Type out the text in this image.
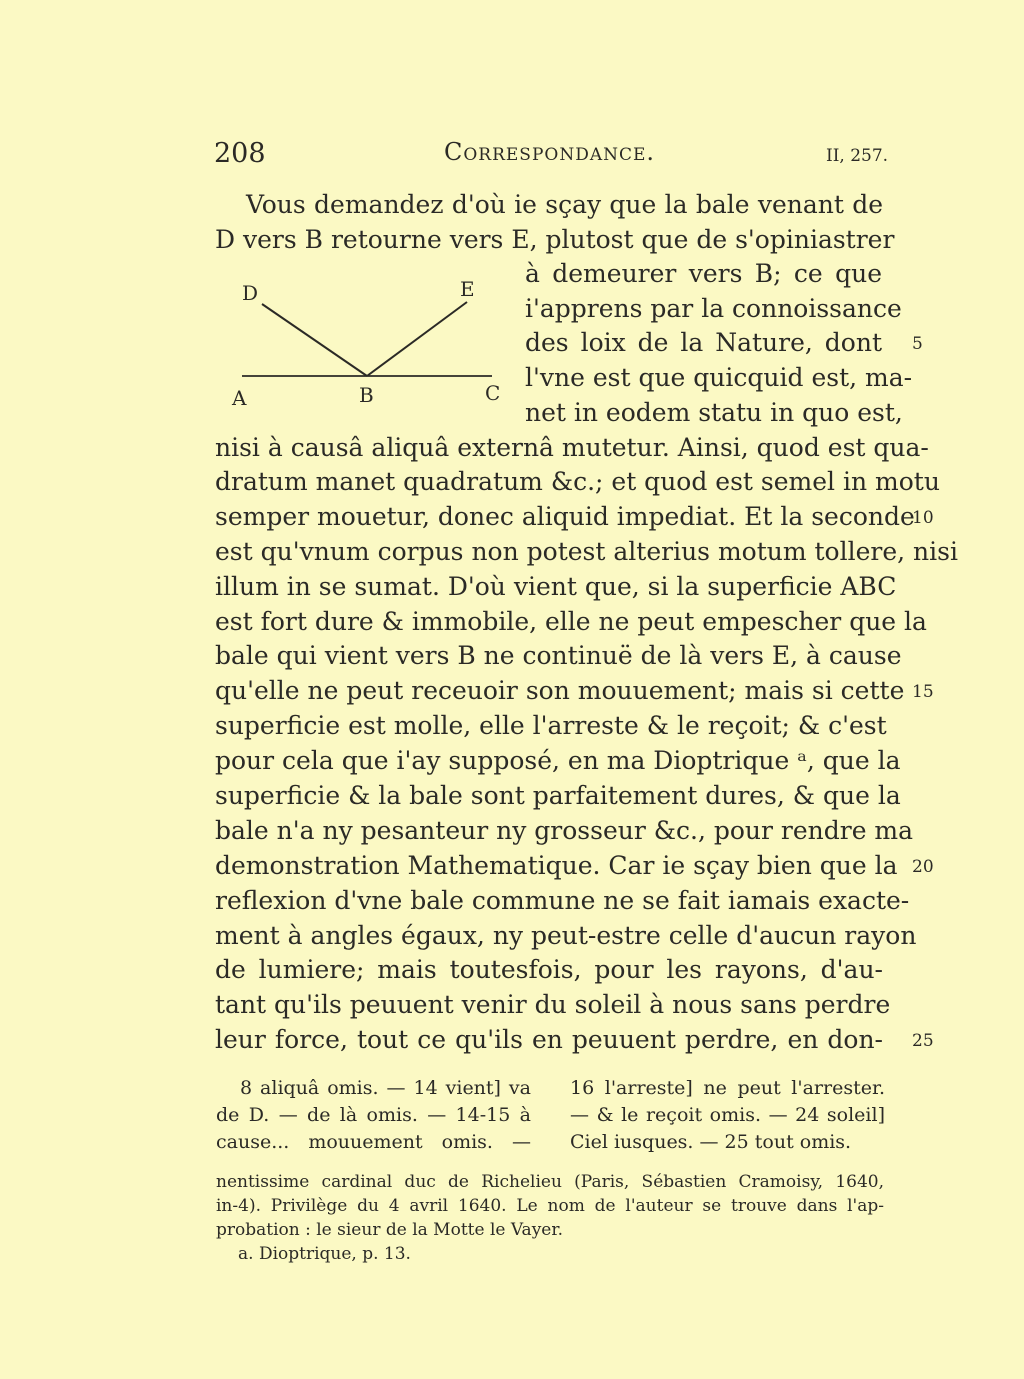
208	Correspondance.	II, 257.
D	E
A	B	C
Vous demandez d'où ie sçay que la bale venant de
D vers B retourne vers E, plutost que de s'opiniastrer
à demeurer vers B; ce que
i'apprens par la connoissance
des loix de la Nature, dont
l'vne est que quicquid est, ma-
net in eodem statu in quo est,
nisi à causâ aliquâ externâ mutetur. Ainsi, quod est qua-
dratum manet quadratum &c.; et quod est semel in motu
semper mouetur, donec aliquid impediat. Et la seconde
est qu'vnum corpus non potest alterius motum tollere, nisi
illum in se sumat. D'où vient que, si la superficie ABC
est fort dure & immobile, elle ne peut empescher que la
bale qui vient vers B ne continuë de là vers E, à cause
qu'elle ne peut receuoir son mouuement; mais si cette
superficie est molle, elle l'arreste & le reçoit; & c'est
pour cela que i'ay supposé, en ma Dioptrique ᵃ, que la
superficie & la bale sont parfaitement dures, & que la
bale n'a ny pesanteur ny grosseur &c., pour rendre ma
demonstration Mathematique. Car ie sçay bien que la
reflexion d'vne bale commune ne se fait iamais exacte-
ment à angles égaux, ny peut-estre celle d'aucun rayon
de lumiere; mais toutesfois, pour les rayons, d'au-
tant qu'ils peuuent venir du soleil à nous sans perdre
leur force, tout ce qu'ils en peuuent perdre, en don-
5
10
15
20
25
8 aliquâ omis. — 14 vient] va
de D. — de là omis. — 14-15 à
cause... mouuement omis. —
16 l'arreste] ne peut l'arrester.
— & le reçoit omis. — 24 soleil]
Ciel iusques. — 25 tout omis.
nentissime cardinal duc de Richelieu (Paris, Sébastien Cramoisy, 1640,
in-4). Privilège du 4 avril 1640. Le nom de l'auteur se trouve dans l'ap-
probation : le sieur de la Motte le Vayer.
a. Dioptrique, p. 13.
